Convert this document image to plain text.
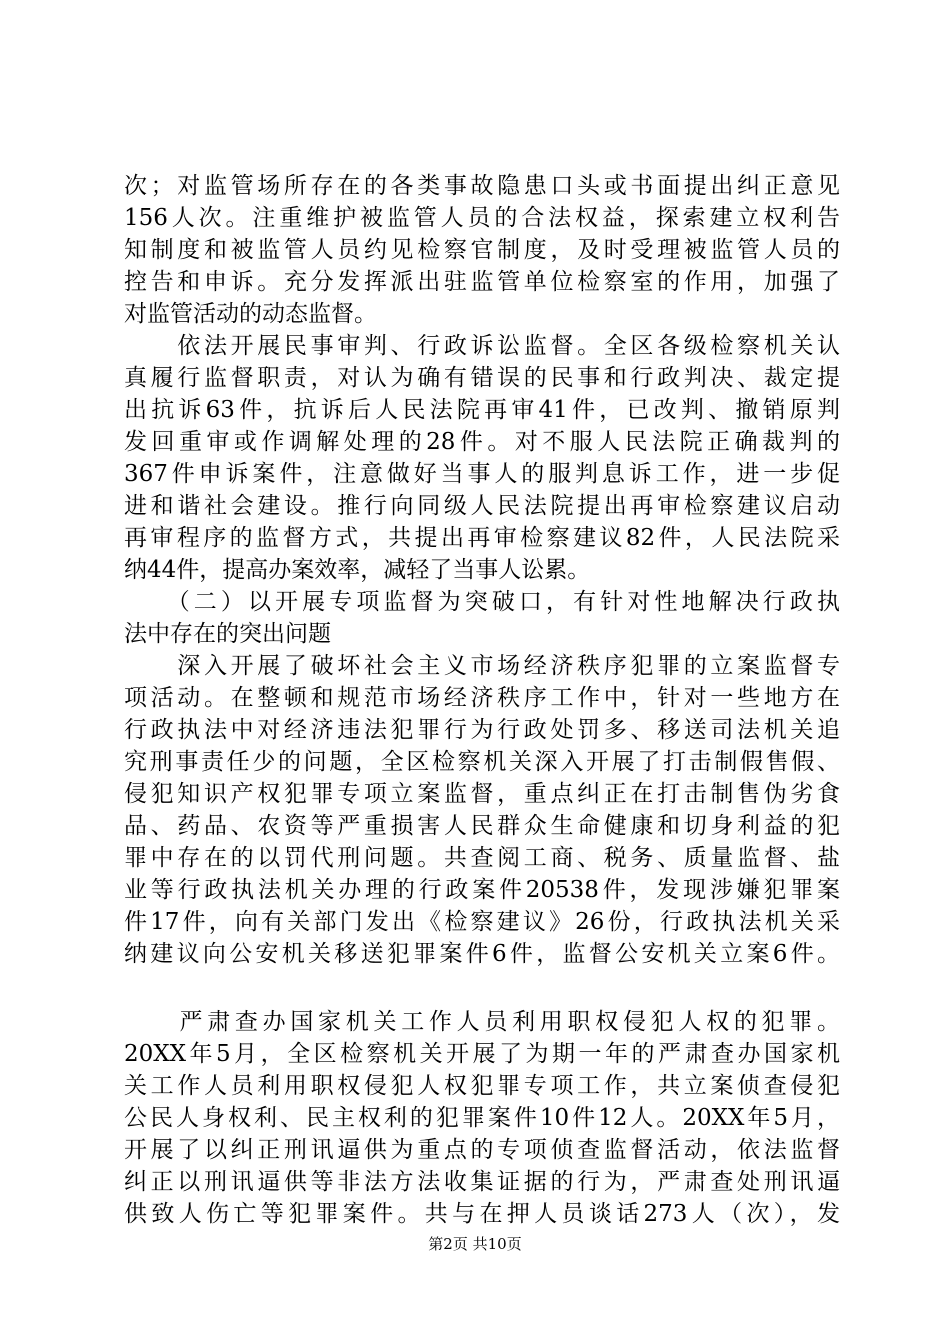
次；对监管场所存在的各类事故隐患口头或书面提出纠正意见
156人次。注重维护被监管人员的合法权益，探索建立权利告
知制度和被监管人员约见检察官制度，及时受理被监管人员的
控告和申诉。充分发挥派出驻监管单位检察室的作用，加强了
对监管活动的动态监督。
　　依法开展民事审判、行政诉讼监督。全区各级检察机关认
真履行监督职责，对认为确有错误的民事和行政判决、裁定提
出抗诉63件，抗诉后人民法院再审41件，已改判、撤销原判
发回重审或作调解处理的28件。对不服人民法院正确裁判的
367件申诉案件，注意做好当事人的服判息诉工作，进一步促
进和谐社会建设。推行向同级人民法院提出再审检察建议启动
再审程序的监督方式，共提出再审检察建议82件，人民法院采
纳44件，提高办案效率，减轻了当事人讼累。
　　（二）以开展专项监督为突破口，有针对性地解决行政执
法中存在的突出问题
　　深入开展了破坏社会主义市场经济秩序犯罪的立案监督专
项活动。在整顿和规范市场经济秩序工作中，针对一些地方在
行政执法中对经济违法犯罪行为行政处罚多、移送司法机关追
究刑事责任少的问题，全区检察机关深入开展了打击制假售假、
侵犯知识产权犯罪专项立案监督，重点纠正在打击制售伪劣食
品、药品、农资等严重损害人民群众生命健康和切身利益的犯
罪中存在的以罚代刑问题。共查阅工商、税务、质量监督、盐
业等行政执法机关办理的行政案件20538件，发现涉嫌犯罪案
件17件，向有关部门发出《检察建议》26份，行政执法机关采
纳建议向公安机关移送犯罪案件6件，监督公安机关立案6件。
　　严肃查办国家机关工作人员利用职权侵犯人权的犯罪。
20XX年5月，全区检察机关开展了为期一年的严肃查办国家机
关工作人员利用职权侵犯人权犯罪专项工作，共立案侦查侵犯
公民人身权利、民主权利的犯罪案件10件12人。20XX年5月，
开展了以纠正刑讯逼供为重点的专项侦查监督活动，依法监督
纠正以刑讯逼供等非法方法收集证据的行为，严肃查处刑讯逼
供致人伤亡等犯罪案件。共与在押人员谈话273人（次），发
第2页 共10页
